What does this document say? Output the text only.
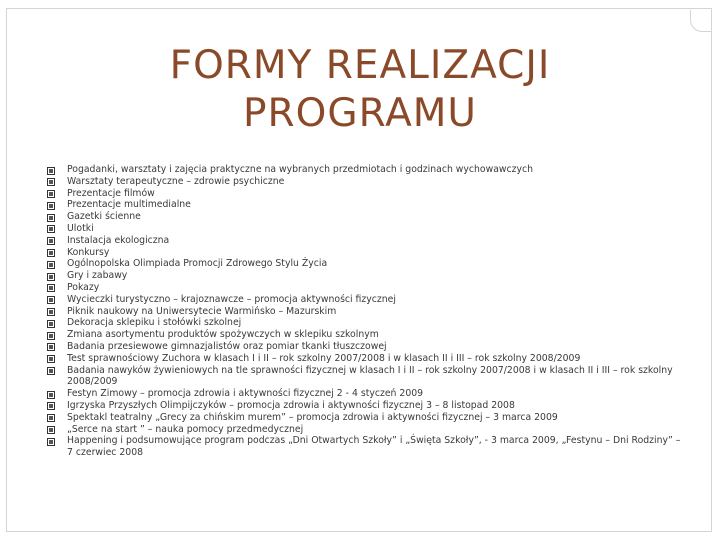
FORMY REALIZACJI
PROGRAMU
Pogadanki, warsztaty i zajęcia praktyczne na wybranych przedmiotach i godzinach wychowawczych
Warsztaty terapeutyczne – zdrowie psychiczne
Prezentacje filmów
Prezentacje multimedialne
Gazetki ścienne
Ulotki
Instalacja ekologiczna
Konkursy
Ogólnopolska Olimpiada Promocji Zdrowego Stylu Życia
Gry i zabawy
Pokazy
Wycieczki turystyczno – krajoznawcze – promocja aktywności fizycznej
Piknik naukowy na Uniwersytecie Warmińsko – Mazurskim
Dekoracja sklepiku i stołówki szkolnej
Zmiana asortymentu produktów spożywczych w sklepiku szkolnym
Badania przesiewowe gimnazjalistów oraz pomiar tkanki tłuszczowej
Test sprawnościowy Zuchora w klasach I i II – rok szkolny 2007/2008 i w klasach II i III – rok szkolny 2008/2009
Badania nawyków żywieniowych na tle sprawności fizycznej w klasach I i II – rok szkolny 2007/2008 i w klasach II i III – rok szkolny 2008/2009
Festyn Zimowy – promocja zdrowia i aktywności fizycznej 2 - 4 styczeń 2009
Igrzyska Przyszłych Olimpijczyków – promocja zdrowia i aktywności fizycznej 3 – 8 listopad 2008
Spektakl teatralny „Grecy za chińskim murem” – promocja zdrowia i aktywności fizycznej – 3 marca 2009
„Serce na start ” – nauka pomocy przedmedycznej
Happening i podsumowujące program podczas „Dni Otwartych Szkoły” i „Święta Szkoły”, - 3 marca 2009, „Festynu – Dni Rodziny” – 7 czerwiec 2008
